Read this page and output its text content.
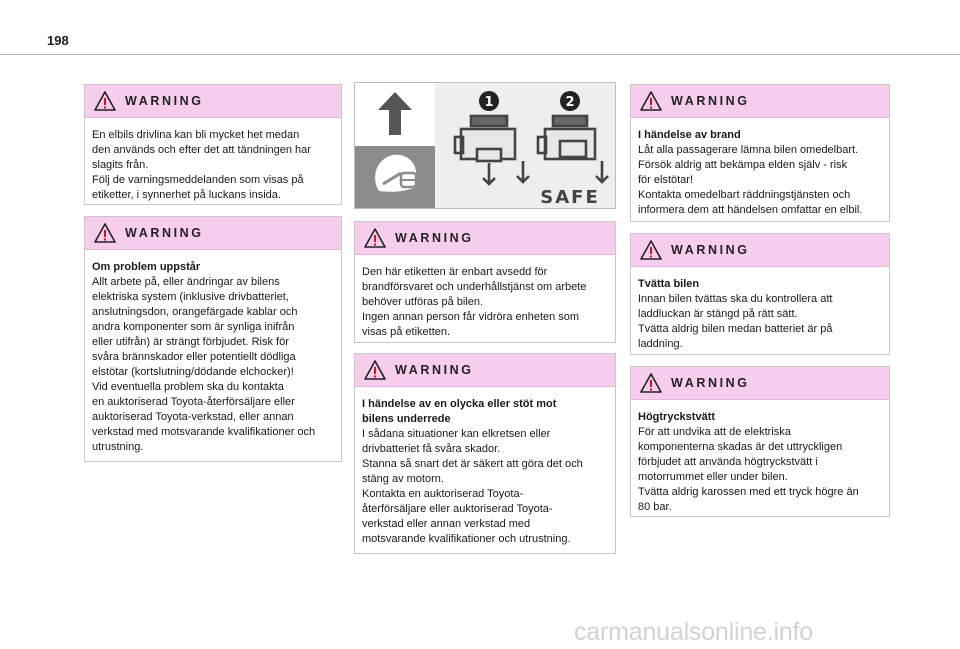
198
WARNING
En elbils drivlina kan bli mycket het medan
den används och efter det att tändningen har
slagits från.
Följ de varningsmeddelanden som visas på
etiketter, i synnerhet på luckans insida.
WARNING
Om problem uppstår
Allt arbete på, eller ändringar av bilens
elektriska system (inklusive drivbatteriet,
anslutningsdon, orangefärgade kablar och
andra komponenter som är synliga inifrån
eller utifrån) är strängt förbjudet. Risk för
svåra brännskador eller potentiellt dödliga
elstötar (kortslutning/dödande elchocker)!
Vid eventuella problem ska du kontakta
en auktoriserad Toyota-återförsäljare eller
auktoriserad Toyota-verkstad, eller annan
verkstad med motsvarande kvalifikationer och
utrustning.
1	2
SAFE
WARNING
Den här etiketten är enbart avsedd för
brandförsvaret och underhållstjänst om arbete
behöver utföras på bilen.
Ingen annan person får vidröra enheten som
visas på etiketten.
WARNING
I händelse av en olycka eller stöt mot
bilens underrede
I sådana situationer kan elkretsen eller
drivbatteriet få svåra skador.
Stanna så snart det är säkert att göra det och
stäng av motorn.
Kontakta en auktoriserad Toyota-
återförsäljare eller auktoriserad Toyota-
verkstad eller annan verkstad med
motsvarande kvalifikationer och utrustning.
WARNING
I händelse av brand
Låt alla passagerare lämna bilen omedelbart.
Försök aldrig att bekämpa elden själv - risk
för elstötar!
Kontakta omedelbart räddningstjänsten och
informera dem att händelsen omfattar en elbil.
WARNING
Tvätta bilen
Innan bilen tvättas ska du kontrollera att
laddluckan är stängd på rätt sätt.
Tvätta aldrig bilen medan batteriet är på
laddning.
WARNING
Högtryckstvätt
För att undvika att de elektriska
komponenterna skadas är det uttryckligen
förbjudet att använda högtryckstvätt i
motorrummet eller under bilen.
Tvätta aldrig karossen med ett tryck högre än
80 bar.
carmanualsonline.info
